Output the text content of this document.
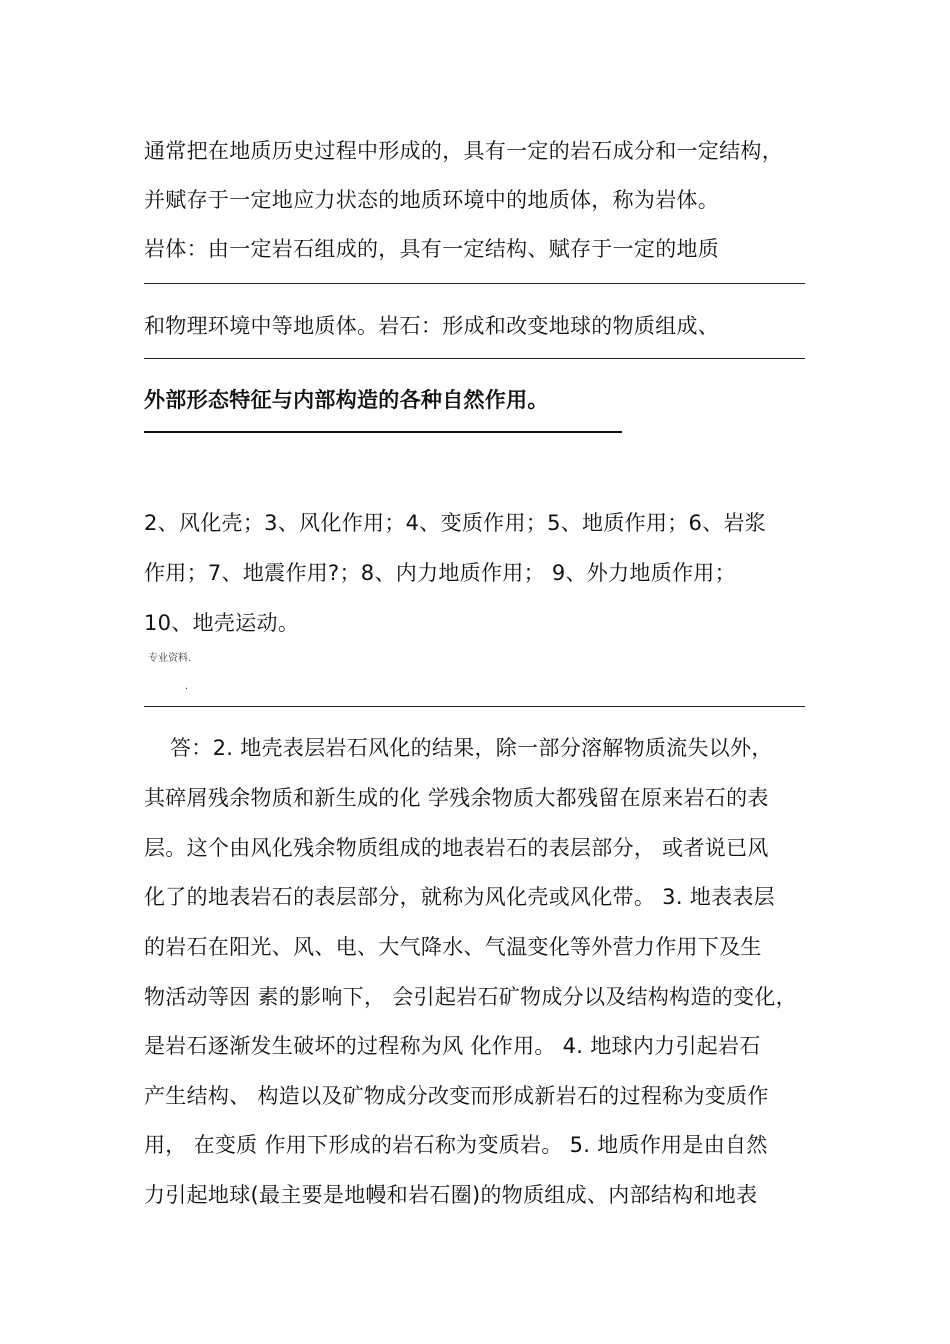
通常把在地质历史过程中形成的，具有一定的岩石成分和一定结构，
并赋存于一定地应力状态的地质环境中的地质体，称为岩体。
岩体：由一定岩石组成的，具有一定结构、赋存于一定的地质
和物理环境中等地质体。岩石：形成和改变地球的物质组成、
外部形态特征与内部构造的各种自然作用。
2、风化壳；3、风化作用；4、变质作用；5、地质作用；6、岩浆
作用；7、地震作用?；8、内力地质作用； 9、外力地质作用；
10、地壳运动。
专业资料.
.
答：2. 地壳表层岩石风化的结果，除一部分溶解物质流失以外，
其碎屑残余物质和新生成的化 学残余物质大都残留在原来岩石的表
层。这个由风化残余物质组成的地表岩石的表层部分， 或者说已风
化了的地表岩石的表层部分，就称为风化壳或风化带。 3. 地表表层
的岩石在阳光、风、电、大气降水、气温变化等外营力作用下及生
物活动等因 素的影响下， 会引起岩石矿物成分以及结构构造的变化，
是岩石逐渐发生破坏的过程称为风 化作用。 4. 地球内力引起岩石
产生结构、 构造以及矿物成分改变而形成新岩石的过程称为变质作
用， 在变质 作用下形成的岩石称为变质岩。 5. 地质作用是由自然
力引起地球(最主要是地幔和岩石圈)的物质组成、内部结构和地表
